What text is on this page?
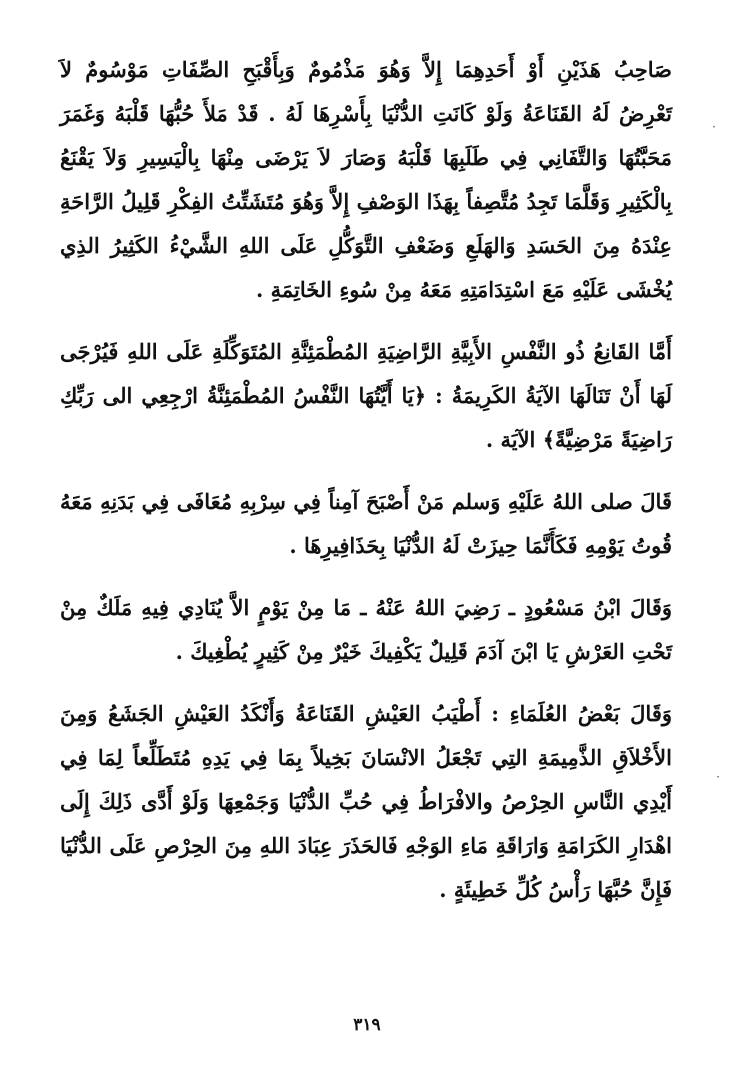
صَاحِبُ هَذَيْنِ أَوْ أَحَدِهِمَا إِلاَّ وَهُوَ مَذْمُومٌ وَبِأَقْبَحِ الصِّفَاتِ مَوْسُومٌ لاَ تَعْرِضُ لَهُ القَنَاعَةُ وَلَوْ كَانَتِ الدُّنْيَا بِأَسْرِهَا لَهُ . قَدْ مَلأَ حُبُّهَا قَلْبَهُ وَغَمَرَ مَحَبَّتُهَا وَالتَّفَانِي فِي طَلَبِهَا قَلْبَهُ وَصَارَ لاَ يَرْضَى مِنْهَا بِالْيَسِيرِ وَلاَ يَقْنَعُ بِالْكَثِيرِ وَقَلَّمَا تَجِدُ مُتَّصِفاً بِهَذَا الوَصْفِ إِلاَّ وَهُوَ مُتَشَتِّتُ الفِكْرِ قَلِيلُ الرَّاحَةِ عِنْدَهُ مِنَ الحَسَدِ وَالهَلَعِ وَضَعْفِ التَّوَكُّلِ عَلَى اللهِ الشَّيْءُ الكَثِيرُ الذِي يُخْشَى عَلَيْهِ مَعَ اسْتِدَامَتِهِ مَعَهُ مِنْ سُوءِ الخَاتِمَةِ .

أَمَّا القَانِعُ ذُو النَّفْسِ الأَبِيَّةِ الرَّاضِيَةِ المُطْمَئِنَّةِ المُتَوَكِّلَةِ عَلَى اللهِ فَيُرْجَى لَهَا أَنْ تَنَالَهَا الآيَةُ الكَرِيمَةُ : ﴿يَا أَيَّتُهَا النَّفْسُ المُطْمَئِنَّةُ ارْجِعِي الى رَبِّكِ رَاضِيَةً مَرْضِيَّةً﴾ الآيَة .

قَالَ صلى اللهُ عَلَيْهِ وَسلم مَنْ أَصْبَحَ آمِناً فِي سِرْبِهِ مُعَافَى فِي بَدَنِهِ مَعَهُ قُوتُ يَوْمِهِ فَكَأَنَّمَا حِيزَتْ لَهُ الدُّنْيَا بِحَذَافِيرِهَا .

وَقَالَ ابْنُ مَسْعُودٍ ـ رَضِيَ اللهُ عَنْهُ ـ مَا مِنْ يَوْمٍ الاَّ يُنَادِي فِيهِ مَلَكٌ مِنْ تَحْتِ العَرْشِ يَا ابْنَ آدَمَ قَلِيلٌ يَكْفِيكَ خَيْرٌ مِنْ كَثِيرٍ يُطْغِيكَ .

وَقَالَ بَعْضُ العُلَمَاءِ : أَطْيَبُ العَيْشِ القَنَاعَةُ وَأَنْكَدُ العَيْشِ الجَشَعُ وَمِنَ الأَخْلاَقِ الذَّمِيمَةِ التِي تَجْعَلُ الانْسَانَ بَخِيلاً بِمَا فِي يَدِهِ مُتَطَلِّعاً لِمَا فِي أَيْدِي النَّاسِ الحِرْصُ والافْرَاطُ فِي حُبِّ الدُّنْيَا وَجَمْعِهَا وَلَوْ أَدَّى ذَلِكَ إِلَى اهْدَارِ الكَرَامَةِ وَارَاقَةِ مَاءِ الوَجْهِ فَالحَذَرَ عِبَادَ اللهِ مِنَ الحِرْصِ عَلَى الدُّنْيَا فَإِنَّ حُبَّهَا رَأْسُ كُلِّ خَطِيئَةٍ .

·
·
٣١٩
